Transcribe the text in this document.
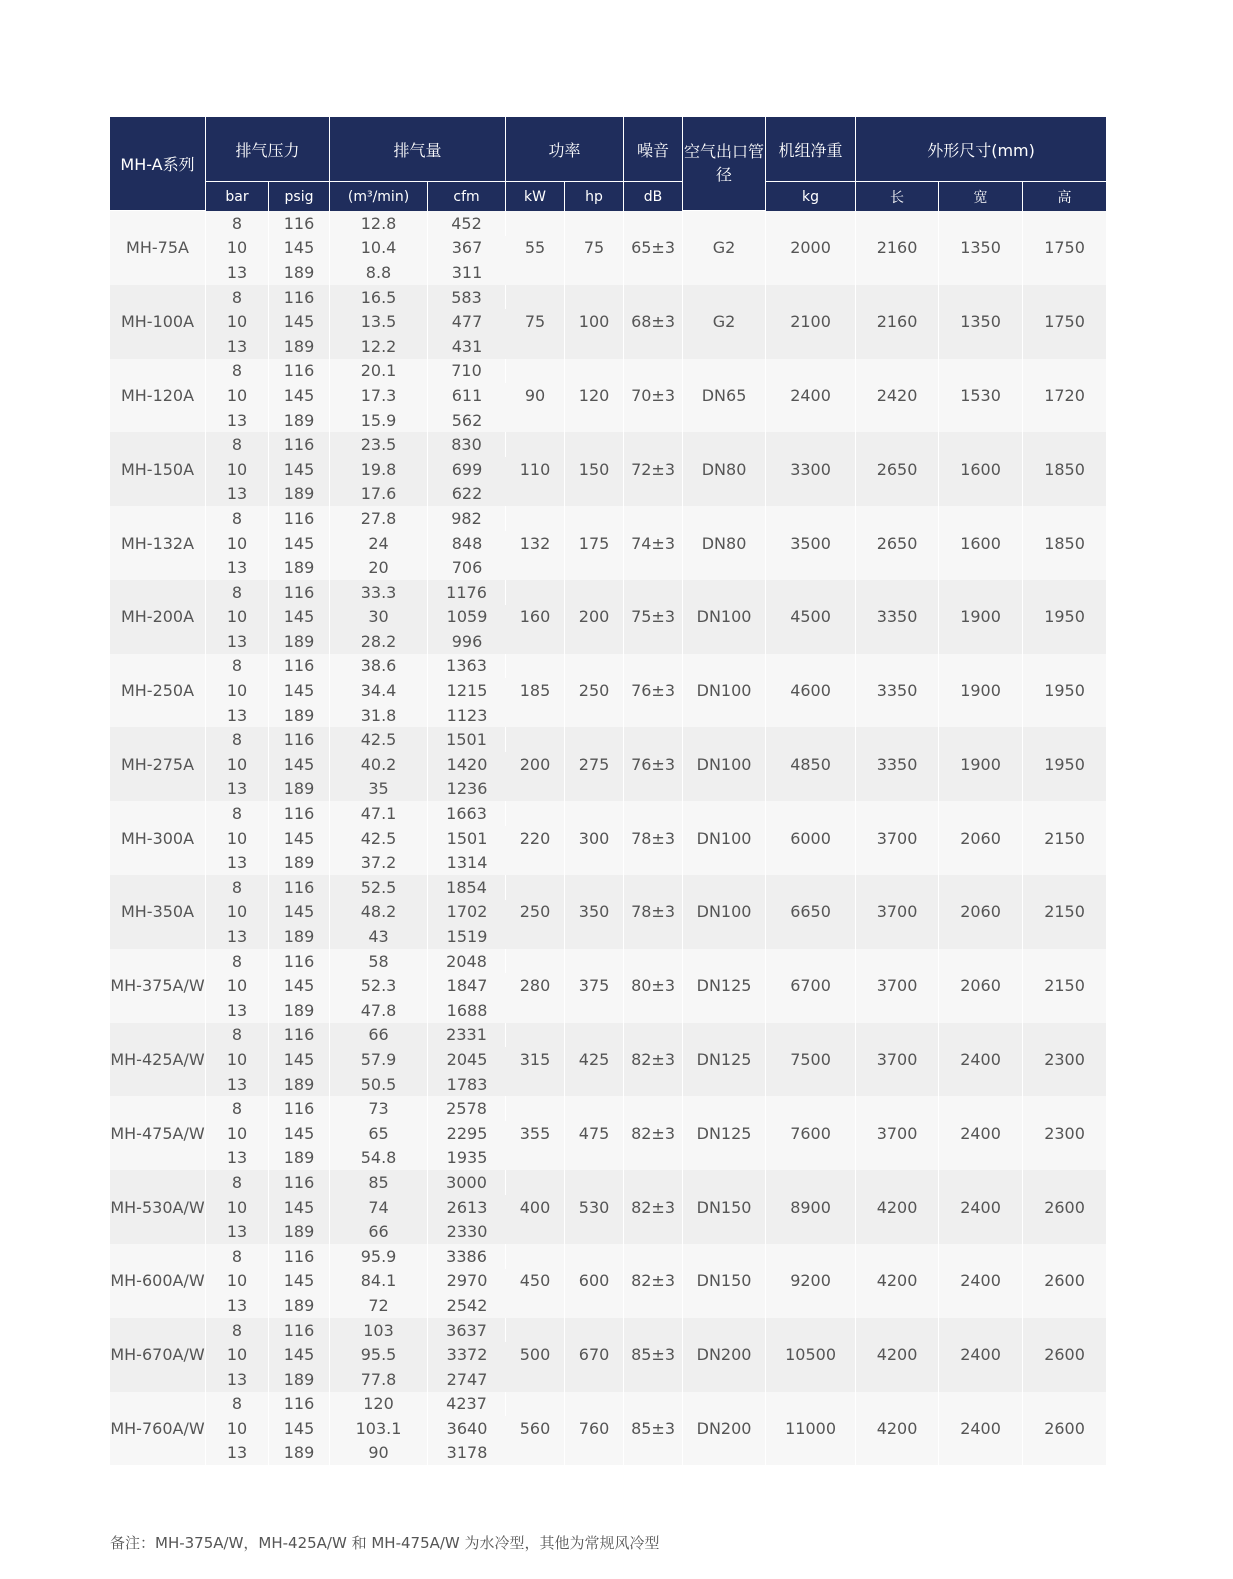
MH-A系列	排气压力		排气量		功率		噪音	空气出口管径	机组净重	外形尺寸(mm)		
	bar	psig	(m³/min)	cfm	kW	hp	dB		kg	长	宽	高
MH-75A	8	116	12.8	452	55	75	65±3	G2	2000	2160	1350	1750
	10	145	10.4	367								
	13	189	8.8	311								
MH-100A	8	116	16.5	583	75	100	68±3	G2	2100	2160	1350	1750
	10	145	13.5	477								
	13	189	12.2	431								
MH-120A	8	116	20.1	710	90	120	70±3	DN65	2400	2420	1530	1720
	10	145	17.3	611								
	13	189	15.9	562								
MH-150A	8	116	23.5	830	110	150	72±3	DN80	3300	2650	1600	1850
	10	145	19.8	699								
	13	189	17.6	622								
MH-132A	8	116	27.8	982	132	175	74±3	DN80	3500	2650	1600	1850
	10	145	24	848								
	13	189	20	706								
MH-200A	8	116	33.3	1176	160	200	75±3	DN100	4500	3350	1900	1950
	10	145	30	1059								
	13	189	28.2	996								
MH-250A	8	116	38.6	1363	185	250	76±3	DN100	4600	3350	1900	1950
	10	145	34.4	1215								
	13	189	31.8	1123								
MH-275A	8	116	42.5	1501	200	275	76±3	DN100	4850	3350	1900	1950
	10	145	40.2	1420								
	13	189	35	1236								
MH-300A	8	116	47.1	1663	220	300	78±3	DN100	6000	3700	2060	2150
	10	145	42.5	1501								
	13	189	37.2	1314								
MH-350A	8	116	52.5	1854	250	350	78±3	DN100	6650	3700	2060	2150
	10	145	48.2	1702								
	13	189	43	1519								
MH-375A/W	8	116	58	2048	280	375	80±3	DN125	6700	3700	2060	2150
	10	145	52.3	1847								
	13	189	47.8	1688								
MH-425A/W	8	116	66	2331	315	425	82±3	DN125	7500	3700	2400	2300
	10	145	57.9	2045								
	13	189	50.5	1783								
MH-475A/W	8	116	73	2578	355	475	82±3	DN125	7600	3700	2400	2300
	10	145	65	2295								
	13	189	54.8	1935								
MH-530A/W	8	116	85	3000	400	530	82±3	DN150	8900	4200	2400	2600
	10	145	74	2613								
	13	189	66	2330								
MH-600A/W	8	116	95.9	3386	450	600	82±3	DN150	9200	4200	2400	2600
	10	145	84.1	2970								
	13	189	72	2542								
MH-670A/W	8	116	103	3637	500	670	85±3	DN200	10500	4200	2400	2600
	10	145	95.5	3372								
	13	189	77.8	2747								
MH-760A/W	8	116	120	4237	560	760	85±3	DN200	11000	4200	2400	2600
	10	145	103.1	3640								
	13	189	90	3178								
备注：MH-375A/W，MH-425A/W 和 MH-475A/W 为水冷型，其他为常规风冷型
